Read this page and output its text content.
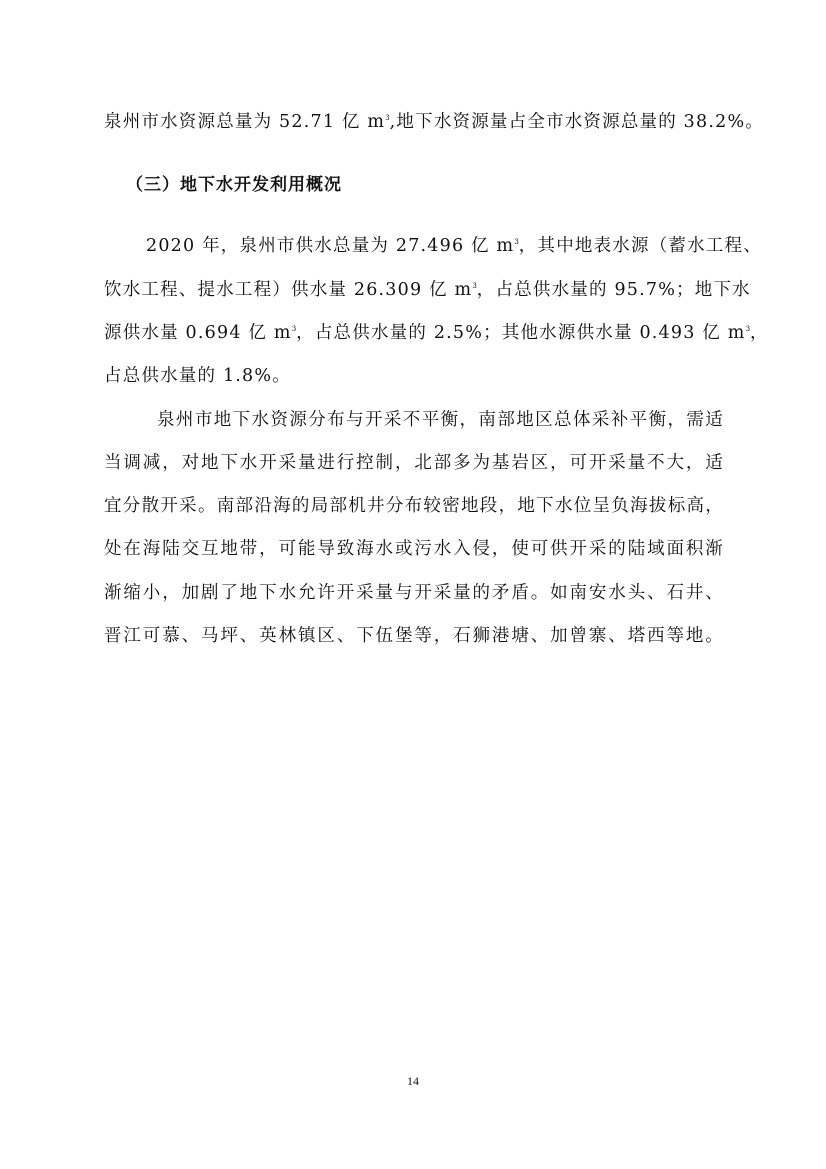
泉州市水资源总量为 52.71 亿 $m^3$,地下水资源量占全市水资源总量的 38.2%。
（三）地下水开发利用概况
2020 年，泉州市供水总量为 27.496 亿 $m^3$，其中地表水源（蓄水工程、
饮水工程、提水工程）供水量 26.309 亿 $m^3$，占总供水量的 95.7%；地下水
源供水量 0.694 亿 $m^3$，占总供水量的 2.5%；其他水源供水量 0.493 亿 $m^3$，
占总供水量的 1.8%。
泉州市地下水资源分布与开采不平衡，南部地区总体采补平衡，需适
当调减，对地下水开采量进行控制，北部多为基岩区，可开采量不大，适
宜分散开采。南部沿海的局部机井分布较密地段，地下水位呈负海拔标高，
处在海陆交互地带，可能导致海水或污水入侵，使可供开采的陆域面积渐
渐缩小，加剧了地下水允许开采量与开采量的矛盾。如南安水头、石井、
晋江可慕、马坪、英林镇区、下伍堡等，石狮港塘、加曾寨、塔西等地。
14
